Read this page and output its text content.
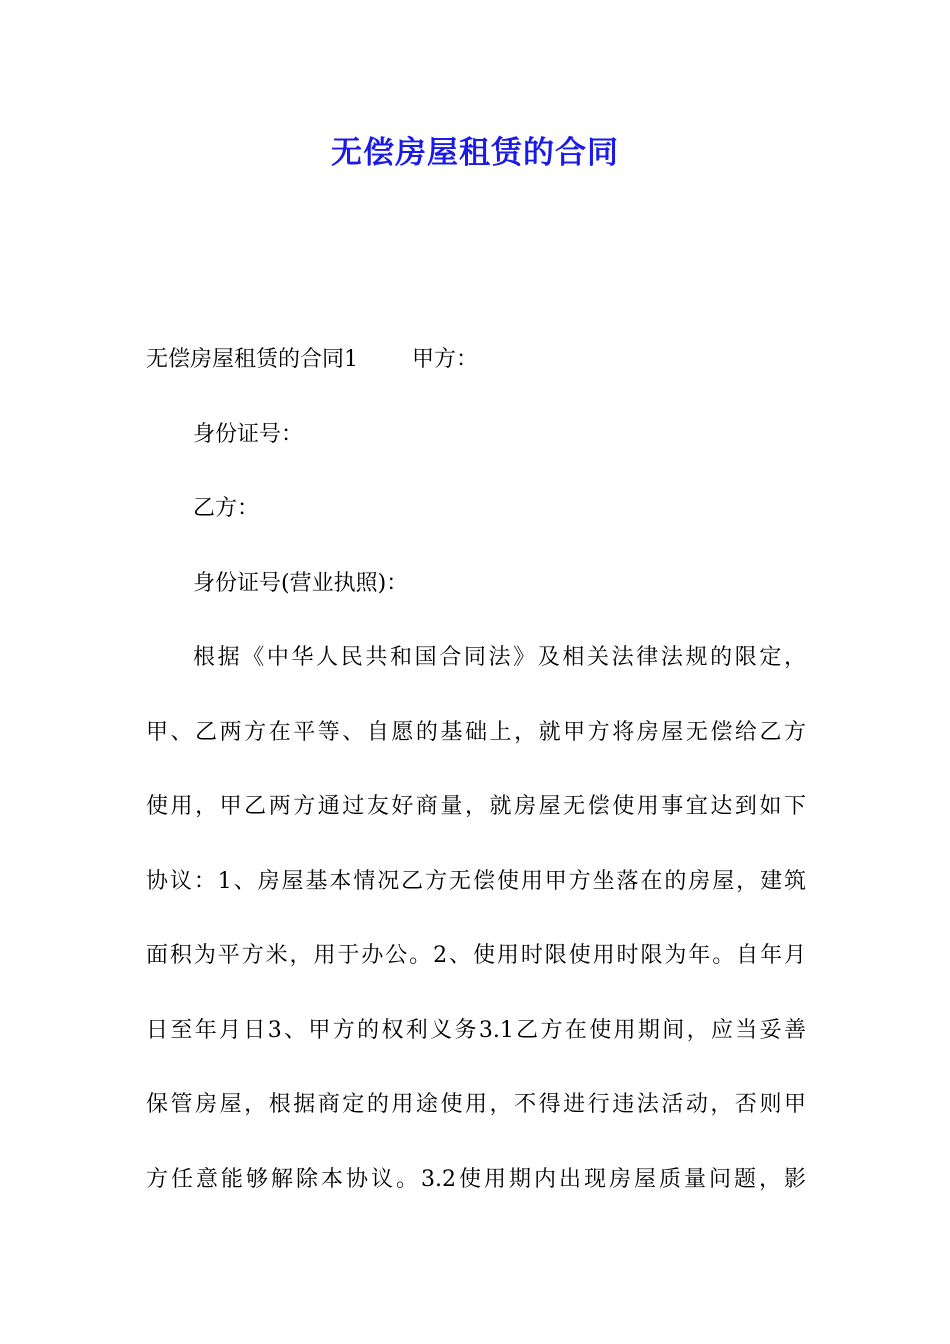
无偿房屋租赁的合同
无偿房屋租赁的合同1 甲方：
身份证号：
乙方：
身份证号(营业执照)：
根据《中华人民共和国合同法》及相关法律法规的限定，
甲、乙两方在平等、自愿的基础上，就甲方将房屋无偿给乙方
使用，甲乙两方通过友好商量，就房屋无偿使用事宜达到如下
协议：1、房屋基本情况乙方无偿使用甲方坐落在的房屋，建筑
面积为平方米，用于办公。2、使用时限使用时限为年。自年月
日至年月日3、甲方的权利义务3.1乙方在使用期间，应当妥善
保管房屋，根据商定的用途使用，不得进行违法活动，否则甲
方任意能够解除本协议。3.2使用期内出现房屋质量问题，影
